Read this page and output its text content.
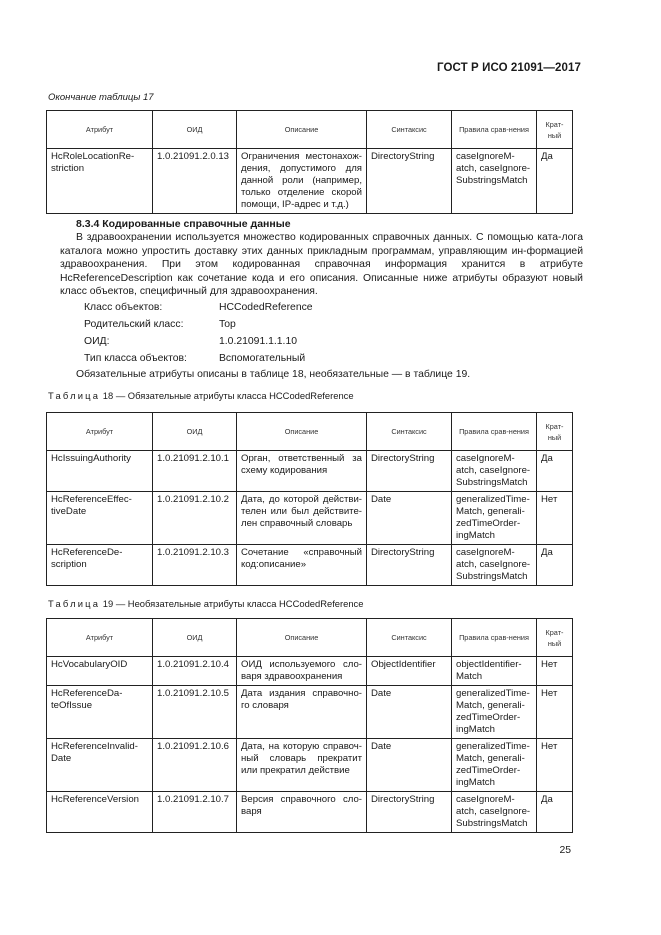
ГОСТ Р ИСО 21091—2017
Окончание таблицы 17
Атрибут	ОИД	Описание	Синтаксис	Правила срав-нения	Крат-ный
HcRoleLocationRe-striction	1.0.21091.2.0.13	Ограничения местонахож-дения, допустимого для данной роли (например, только отделение скорой помощи, IP-адрес и т.д.)	DirectoryString	caseIgnoreM-atch, caseIgnore-SubstringsMatch	Да
8.3.4 Кодированные справочные данные

В здравоохранении используется множество кодированных справочных данных. С помощью ката-логa каталога можно упростить доставку этих данных прикладным программам, управляющим ин-формацией здравоохранения. При этом кодированная справочная информация хранится в атрибуте HcReferenceDescription как сочетание кода и его описания. Описанные ниже атрибуты образуют новый класс объектов, специфичный для здравоохранения.

Класс объектов:	HCCodedReference
Родительский класс:	Top
ОИД:	1.0.21091.1.1.10
Тип класса объектов:	Вспомогательный
Обязательные атрибуты описаны в таблице 18, необязательные — в таблице 19.
Таблица 18 — Обязательные атрибуты класса HCCodedReference
Атрибут	ОИД	Описание	Синтаксис	Правила срав-нения	Крат-ный
HcIssuingAuthority	1.0.21091.2.10.1	Орган, ответственный за схему кодирования	DirectoryString	caseIgnoreM-atch, caseIgnore-SubstringsMatch	Да
HcReferenceEffec-tiveDate	1.0.21091.2.10.2	Дата, до которой действи-телен или был действите-лен справочный словарь	Date	generalizedTime-Match, generali-zedTimeOrder-ingMatch	Нет
HcReferenceDe-scription	1.0.21091.2.10.3	Сочетание «справочный код:описание»	DirectoryString	caseIgnoreM-atch, caseIgnore-SubstringsMatch	Да
Таблица 19 — Необязательные атрибуты класса HCCodedReference
Атрибут	ОИД	Описание	Синтаксис	Правила срав-нения	Крат-ный
HcVocabularyOID	1.0.21091.2.10.4	ОИД используемого сло-варя здравоохранения	ObjectIdentifier	objectIdentifier-Match	Нет
HcReferenceDa-teOfIssue	1.0.21091.2.10.5	Дата издания справочно-го словаря	Date	generalizedTime-Match, generali-zedTimeOrder-ingMatch	Нет
HcReferenceInvalid-Date	1.0.21091.2.10.6	Дата, на которую справоч-ный словарь прекратит или прекратил действие	Date	generalizedTime-Match, generali-zedTimeOrder-ingMatch	Нет
HcReferenceVersion	1.0.21091.2.10.7	Версия справочного сло-варя	DirectoryString	caseIgnoreM-atch, caseIgnore-SubstringsMatch	Да
25
